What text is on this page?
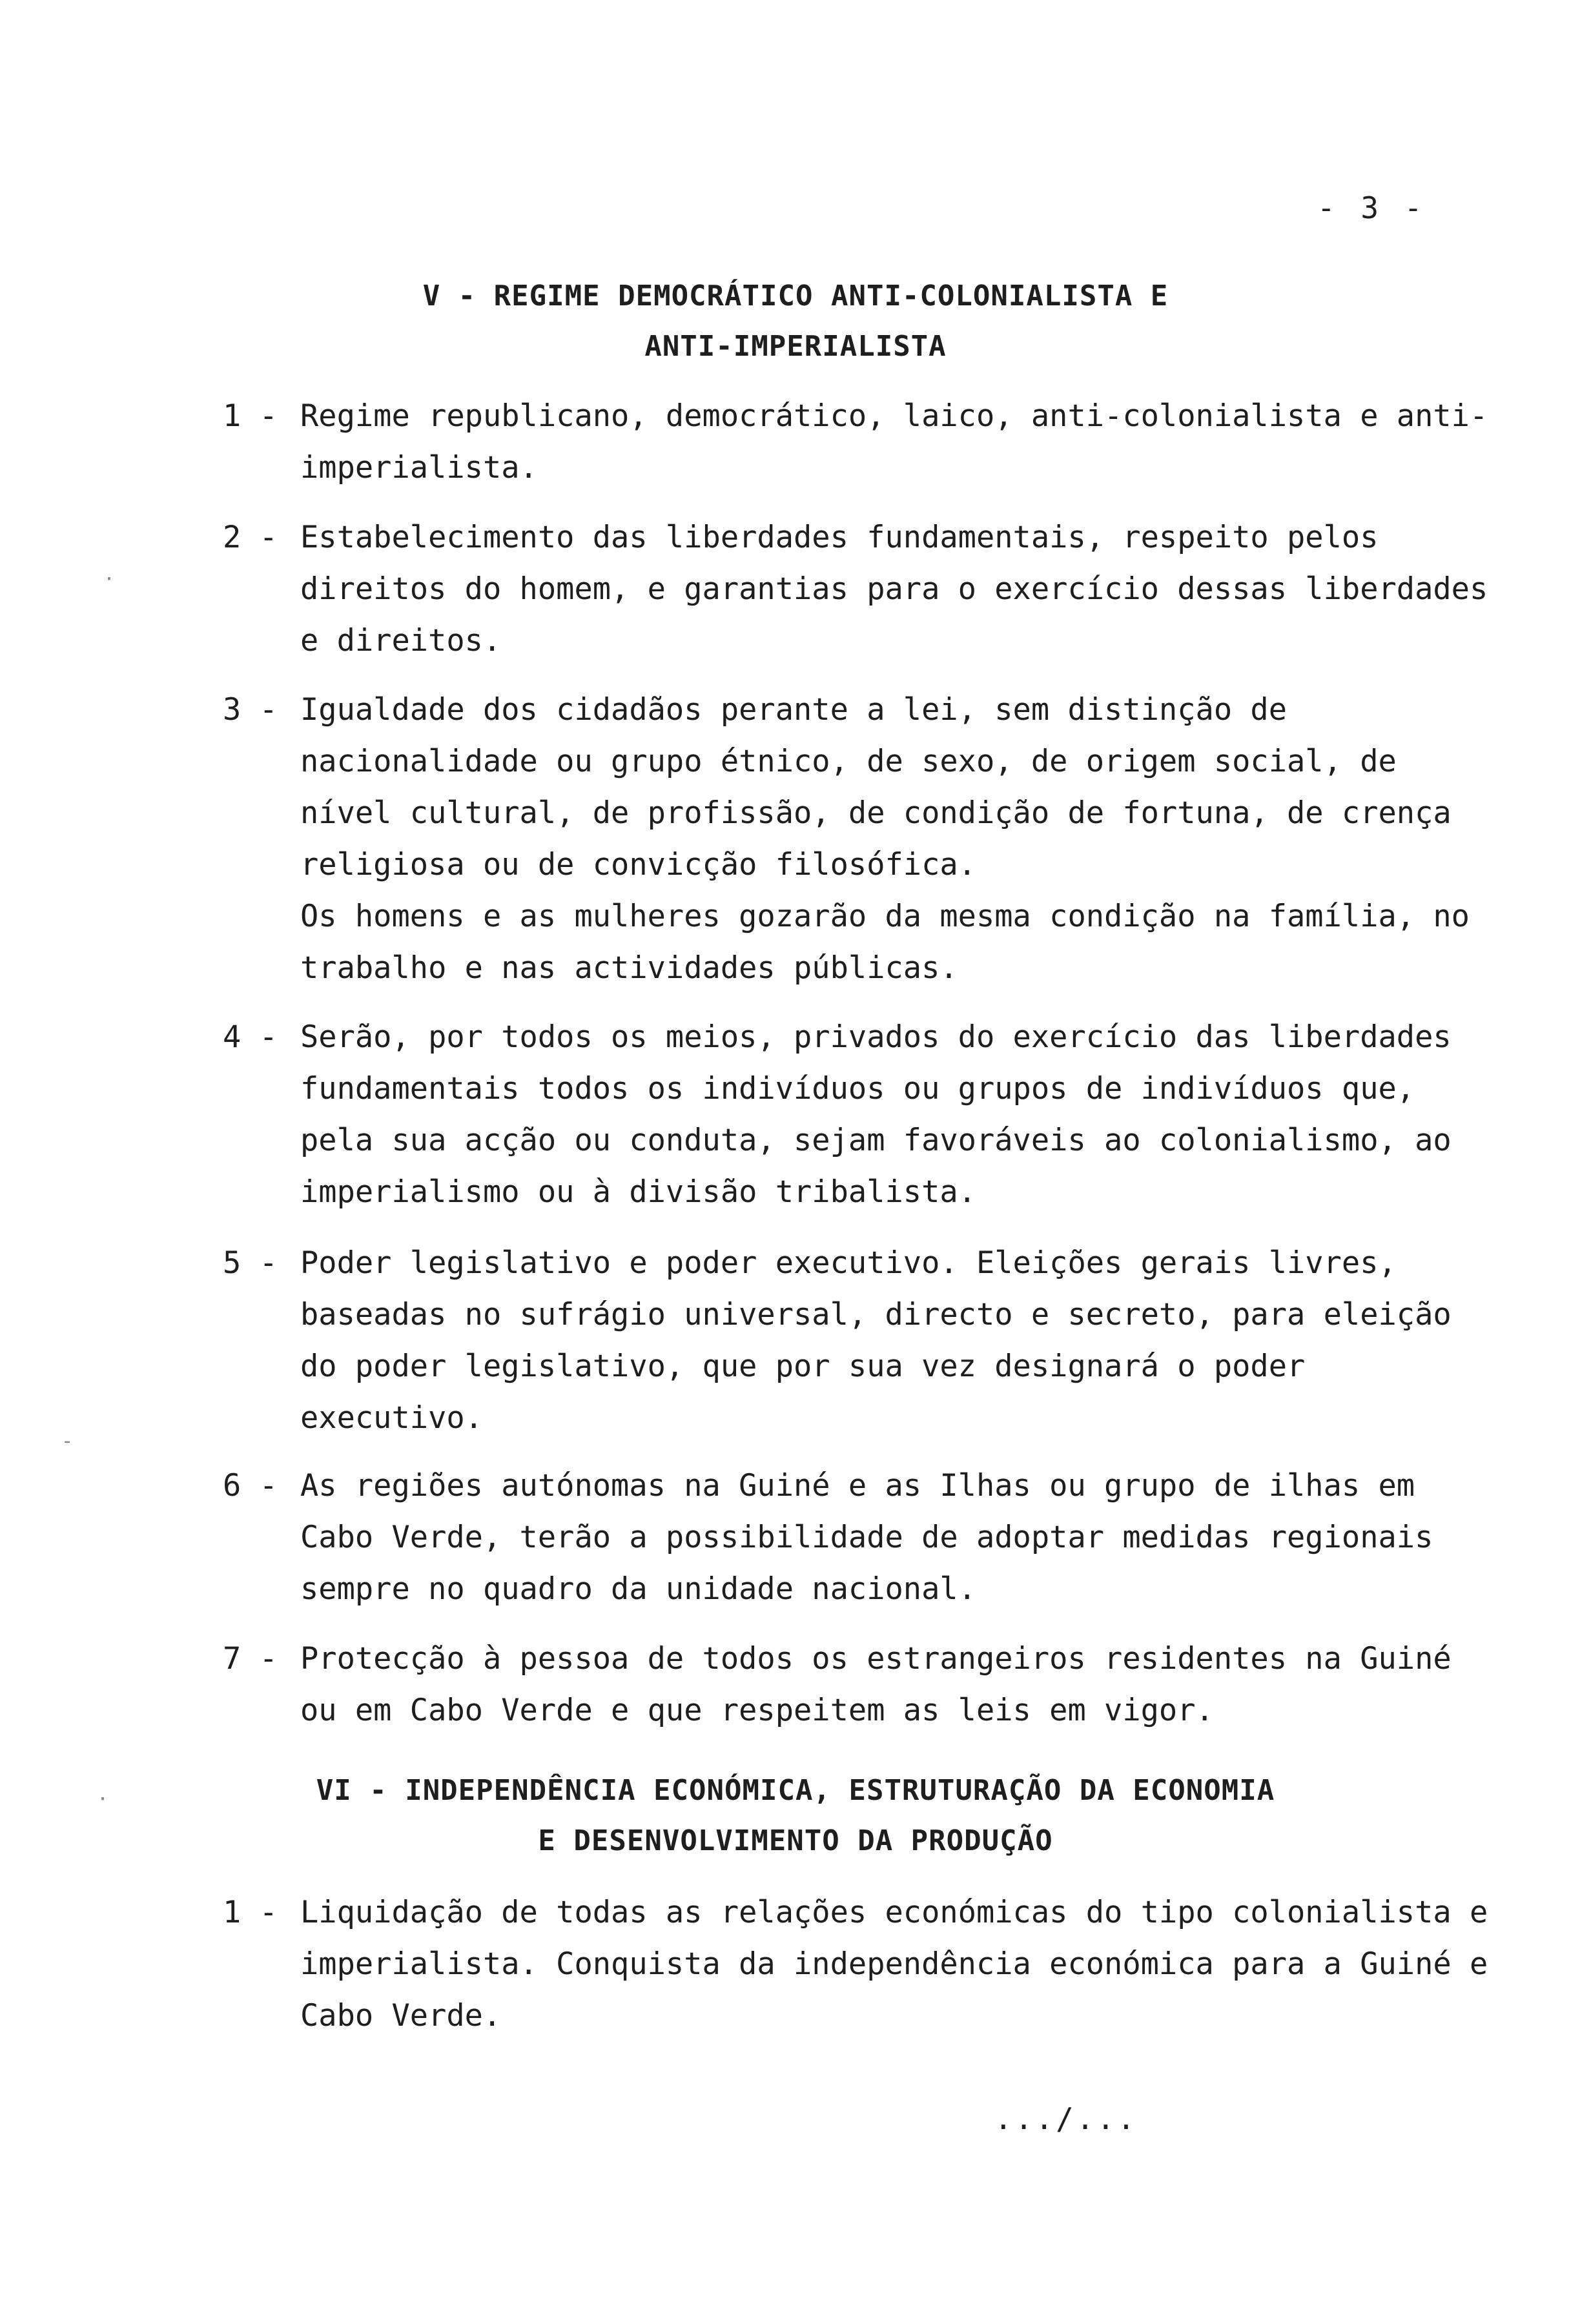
- 3 -
V - REGIME DEMOCRÁTICO ANTI-COLONIALISTA E
ANTI-IMPERIALISTA
1 - Regime republicano, democrático, laico, anti-colonialista e anti-imperialista.
2 - Estabelecimento das liberdades fundamentais, respeito pelos direitos do homem, e garantias para o exercício dessas liberdades e direitos.
3 - Igualdade dos cidadãos perante a lei, sem distinção de nacionalidade ou grupo étnico, de sexo, de origem social, de nível cultural, de profissão, de condição de fortuna, de crença religiosa ou de convicção filosófica.
Os homens e as mulheres gozarão da mesma condição na família, no trabalho e nas actividades públicas.
4 - Serão, por todos os meios, privados do exercício das liberdades fundamentais todos os indivíduos ou grupos de indivíduos que, pela sua acção ou conduta, sejam favoráveis ao colonialismo, ao imperialismo ou à divisão tribalista.
5 - Poder legislativo e poder executivo. Eleições gerais livres, baseadas no sufrágio universal, directo e secreto, para eleição do poder legislativo, que por sua vez designará o poder executivo.
6 - As regiões autónomas na Guiné e as Ilhas ou grupo de ilhas em Cabo Verde, terão a possibilidade de adoptar medidas regionais sempre no quadro da unidade nacional.
7 - Protecção à pessoa de todos os estrangeiros residentes na Guiné ou em Cabo Verde e que respeitem as leis em vigor.
VI - INDEPENDÊNCIA ECONÓMICA, ESTRUTURAÇÃO DA ECONOMIA
E DESENVOLVIMENTO DA PRODUÇÃO
1 - Liquidação de todas as relações económicas do tipo colonialista e imperialista. Conquista da independência económica para a Guiné e Cabo Verde.
.../...
·
-
·
